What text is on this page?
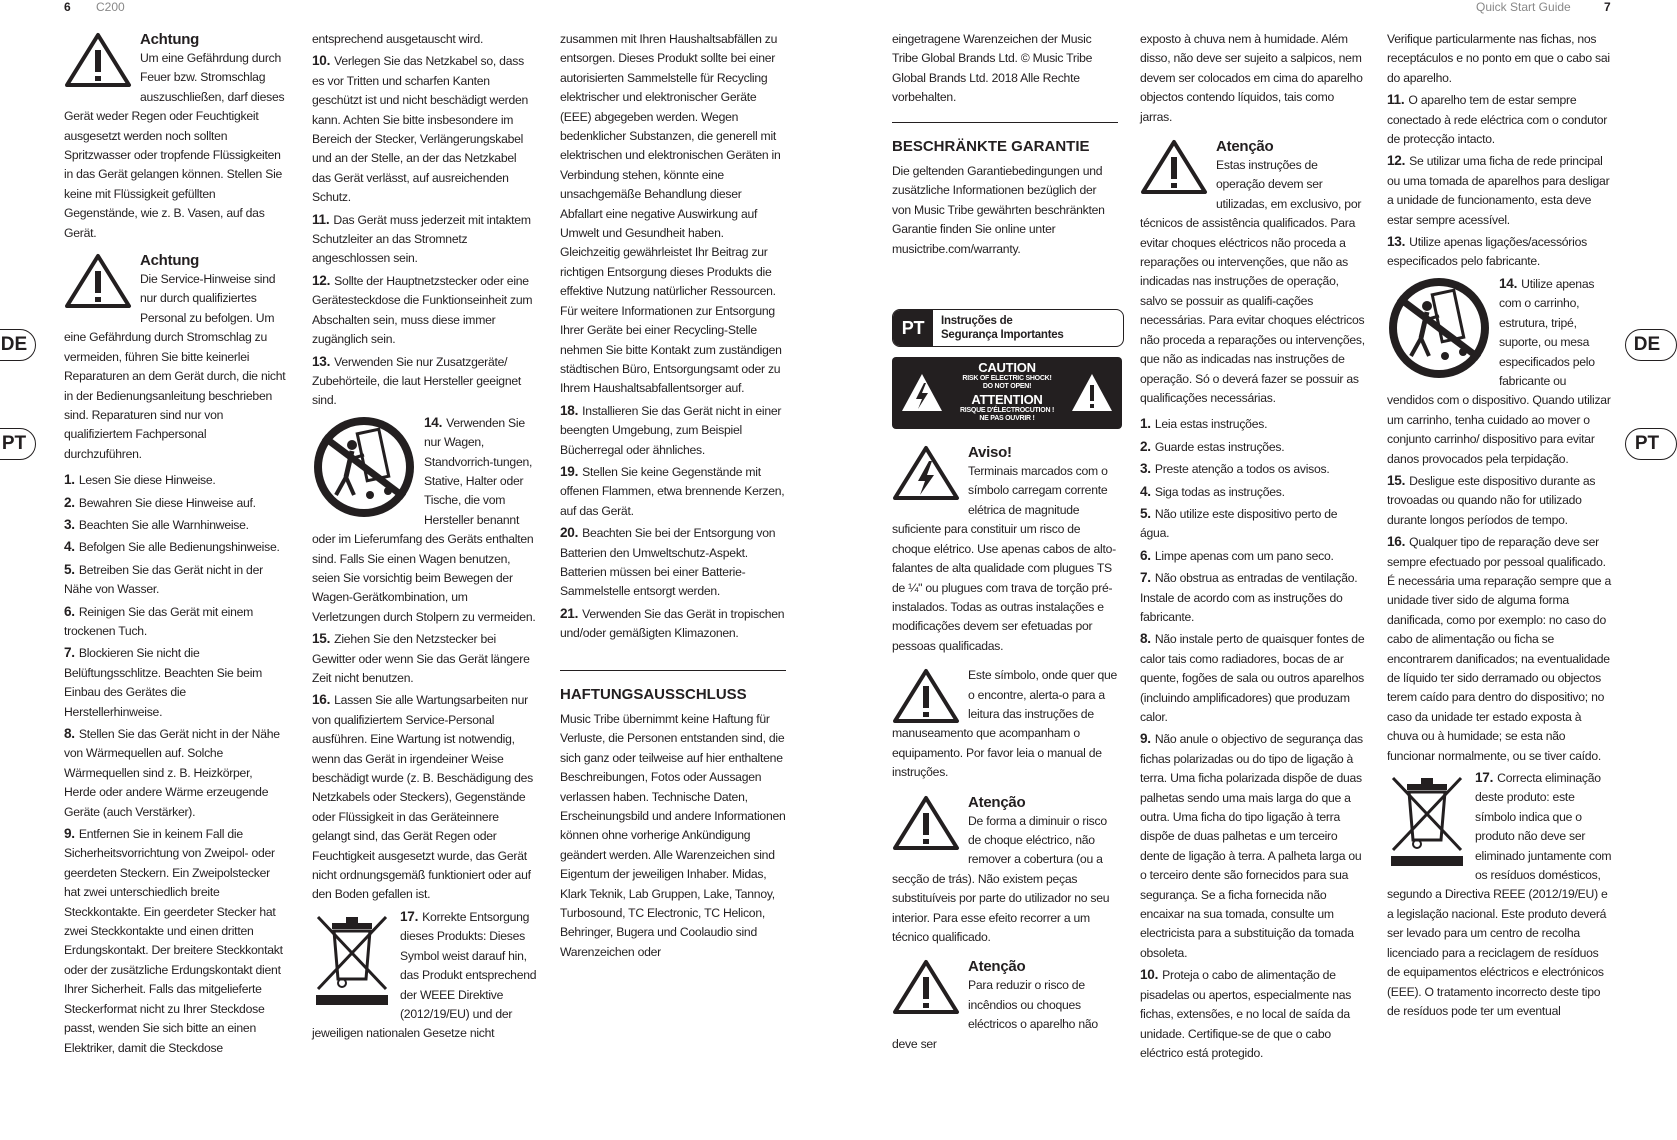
6 C200	Quick Start Guide	7
DE
PT
DE
PT
Achtung

Um eine Gefährdung durch Feuer bzw. Stromschlag auszuschließen, darf dieses Gerät weder Regen oder Feuchtigkeit ausgesetzt werden noch sollten Spritzwasser oder tropfende Flüssigkeiten in das Gerät gelangen können. Stellen Sie keine mit Flüssigkeit gefüllten Gegenstände, wie z. B. Vasen, auf das Gerät.

Achtung

Die Service-Hinweise sind nur durch qualifiziertes Personal zu befolgen. Um eine Gefährdung durch Stromschlag zu vermeiden, führen Sie bitte keinerlei Reparaturen an dem Gerät durch, die nicht in der Bedienungsanleitung beschrieben sind. Reparaturen sind nur von qualifiziertem Fachpersonal durchzuführen.

1. Lesen Sie diese Hinweise.

2. Bewahren Sie diese Hinweise auf.

3. Beachten Sie alle Warnhinweise.

4. Befolgen Sie alle Bedienungshinweise.

5. Betreiben Sie das Gerät nicht in der Nähe von Wasser.

6. Reinigen Sie das Gerät mit einem trockenen Tuch.

7. Blockieren Sie nicht die Belüftungsschlitze. Beachten Sie beim Einbau des Gerätes die Herstellerhinweise.

8. Stellen Sie das Gerät nicht in der Nähe von Wärmequellen auf. Solche Wärmequellen sind z. B. Heizkörper, Herde oder andere Wärme erzeugende Geräte (auch Verstärker).

9. Entfernen Sie in keinem Fall die Sicherheitsvorrichtung von Zweipol- oder geerdeten Steckern. Ein Zweipolstecker hat zwei unterschiedlich breite Steckkontakte. Ein geerdeter Stecker hat zwei Steckkontakte und einen dritten Erdungskontakt. Der breitere Steckkontakt oder der zusätzliche Erdungskontakt dient Ihrer Sicherheit. Falls das mitgelieferte Steckerformat nicht zu Ihrer Steckdose passt, wenden Sie sich bitte an einen Elektriker, damit die Steckdose

entsprechend ausgetauscht wird.

10. Verlegen Sie das Netzkabel so, dass es vor Tritten und scharfen Kanten geschützt ist und nicht beschädigt werden kann. Achten Sie bitte insbesondere im Bereich der Stecker, Verlängerungskabel und an der Stelle, an der das Netzkabel das Gerät verlässt, auf ausreichenden Schutz.

11. Das Gerät muss jederzeit mit intaktem Schutzleiter an das Stromnetz angeschlossen sein.

12. Sollte der Hauptnetzstecker oder eine Gerätesteckdose die Funktionseinheit zum Abschalten sein, muss diese immer zugänglich sein.

13. Verwenden Sie nur Zusatzgeräte/ Zubehörteile, die laut Hersteller geeignet sind.

14. Verwenden Sie nur Wagen, Standvorrich-tungen, Stative, Halter oder Tische, die vom Hersteller benannt oder im Lieferumfang des Geräts enthalten sind. Falls Sie einen Wagen benutzen, seien Sie vorsichtig beim Bewegen der Wagen-Gerätkombination, um Verletzungen durch Stolpern zu vermeiden.

15. Ziehen Sie den Netzstecker bei Gewitter oder wenn Sie das Gerät längere Zeit nicht benutzen.

16. Lassen Sie alle Wartungsarbeiten nur von qualifiziertem Service-Personal ausführen. Eine Wartung ist notwendig, wenn das Gerät in irgendeiner Weise beschädigt wurde (z. B. Beschädigung des Netzkabels oder Steckers), Gegenstände oder Flüssigkeit in das Geräteinnere gelangt sind, das Gerät Regen oder Feuchtigkeit ausgesetzt wurde, das Gerät nicht ordnungsgemäß funktioniert oder auf den Boden gefallen ist.

17. Korrekte Entsorgung dieses Produkts: Dieses Symbol weist darauf hin, das Produkt entsprechend der WEEE Direktive (2012/19/EU) und der jeweiligen nationalen Gesetze nicht

zusammen mit Ihren Haushaltsabfällen zu entsorgen. Dieses Produkt sollte bei einer autorisierten Sammelstelle für Recycling elektrischer und elektronischer Geräte (EEE) abgegeben werden. Wegen bedenklicher Substanzen, die generell mit elektrischen und elektronischen Geräten in Verbindung stehen, könnte eine unsachgemäße Behandlung dieser Abfallart eine negative Auswirkung auf Umwelt und Gesundheit haben. Gleichzeitig gewährleistet Ihr Beitrag zur richtigen Entsorgung dieses Produkts die effektive Nutzung natürlicher Ressourcen. Für weitere Informationen zur Entsorgung Ihrer Geräte bei einer Recycling-Stelle nehmen Sie bitte Kontakt zum zuständigen städtischen Büro, Entsorgungsamt oder zu Ihrem Haushaltsabfallentsorger auf.

18. Installieren Sie das Gerät nicht in einer beengten Umgebung, zum Beispiel Bücherregal oder ähnliches.

19. Stellen Sie keine Gegenstände mit offenen Flammen, etwa brennende Kerzen, auf das Gerät.

20. Beachten Sie bei der Entsorgung von Batterien den Umweltschutz-Aspekt. Batterien müssen bei einer Batterie-Sammelstelle entsorgt werden.

21. Verwenden Sie das Gerät in tropischen und/oder gemäßigten Klimazonen.

HAFTUNGSAUSSCHLUSS

Music Tribe übernimmt keine Haftung für Verluste, die Personen entstanden sind, die sich ganz oder teilweise auf hier enthaltene Beschreibungen, Fotos oder Aussagen verlassen haben. Technische Daten, Erscheinungsbild und andere Informationen können ohne vorherige Ankündigung geändert werden. Alle Warenzeichen sind Eigentum der jeweiligen Inhaber. Midas, Klark Teknik, Lab Gruppen, Lake, Tannoy, Turbosound, TC Electronic, TC Helicon, Behringer, Bugera und Coolaudio sind Warenzeichen oder

eingetragene Warenzeichen der Music Tribe Global Brands Ltd. © Music Tribe Global Brands Ltd. 2018 Alle Rechte vorbehalten.

BESCHRÄNKTE GARANTIE

Die geltenden Garantiebedingungen und zusätzliche Informationen bezüglich der von Music Tribe gewährten beschränkten Garantie finden Sie online unter musictribe.com/warranty.

PT	Instruções de
Segurança Importantes
CAUTION
RISK OF ELECTRIC SHOCK!
DO NOT OPEN!
ATTENTION
RISQUE D'ÉLECTROCUTION !
NE PAS OUVRIR !
Aviso!

Terminais marcados com o símbolo carregam corrente elétrica de magnitude suficiente para constituir um risco de choque elétrico. Use apenas cabos de alto-falantes de alta qualidade com plugues TS de ¼" ou plugues com trava de torção pré-instalados. Todas as outras instalações e modificações devem ser efetuadas por pessoas qualificadas.

Este símbolo, onde quer que o encontre, alerta-o para a leitura das instruções de manuseamento que acompanham o equipamento. Por favor leia o manual de instruções.

Atenção

De forma a diminuir o risco de choque eléctrico, não remover a cobertura (ou a secção de trás). Não existem peças substituíveis por parte do utilizador no seu interior. Para esse efeito recorrer a um técnico qualificado.

Atenção

Para reduzir o risco de incêndios ou choques eléctricos o aparelho não deve ser

exposto à chuva nem à humidade. Além disso, não deve ser sujeito a salpicos, nem devem ser colocados em cima do aparelho objectos contendo líquidos, tais como jarras.

Atenção

Estas instruções de operação devem ser utilizadas, em exclusivo, por técnicos de assistência qualificados. Para evitar choques eléctricos não proceda a reparações ou intervenções, que não as indicadas nas instruções de operação, salvo se possuir as qualifi-cações necessárias. Para evitar choques eléctricos não proceda a reparações ou intervenções, que não as indicadas nas instruções de operação. Só o deverá fazer se possuir as qualificações necessárias.

1. Leia estas instruções.

2. Guarde estas instruções.

3. Preste atenção a todos os avisos.

4. Siga todas as instruções.

5. Não utilize este dispositivo perto de água.

6. Limpe apenas com um pano seco.

7. Não obstrua as entradas de ventilação. Instale de acordo com as instruções do fabricante.

8. Não instale perto de quaisquer fontes de calor tais como radiadores, bocas de ar quente, fogões de sala ou outros aparelhos (incluindo amplificadores) que produzam calor.

9. Não anule o objectivo de segurança das fichas polarizadas ou do tipo de ligação à terra. Uma ficha polarizada dispõe de duas palhetas sendo uma mais larga do que a outra. Uma ficha do tipo ligação à terra dispõe de duas palhetas e um terceiro dente de ligação à terra. A palheta larga ou o terceiro dente são fornecidos para sua segurança. Se a ficha fornecida não encaixar na sua tomada, consulte um electricista para a substituição da tomada obsoleta.

10. Proteja o cabo de alimentação de pisadelas ou apertos, especialmente nas fichas, extensões, e no local de saída da unidade. Certifique-se de que o cabo eléctrico está protegido.

Verifique particularmente nas fichas, nos receptáculos e no ponto em que o cabo sai do aparelho.

11. O aparelho tem de estar sempre conectado à rede eléctrica com o condutor de protecção intacto.

12. Se utilizar uma ficha de rede principal ou uma tomada de aparelhos para desligar a unidade de funcionamento, esta deve estar sempre acessível.

13. Utilize apenas ligações/acessórios especificados pelo fabricante.

14. Utilize apenas com o carrinho, estrutura, tripé, suporte, ou mesa especificados pelo fabricante ou vendidos com o dispositivo. Quando utilizar um carrinho, tenha cuidado ao mover o conjunto carrinho/ dispositivo para evitar danos provocados pela terpidação.

15. Desligue este dispositivo durante as trovoadas ou quando não for utilizado durante longos períodos de tempo.

16. Qualquer tipo de reparação deve ser sempre efectuado por pessoal qualificado. É necessária uma reparação sempre que a unidade tiver sido de alguma forma danificada, como por exemplo: no caso do cabo de alimentação ou ficha se encontrarem danificados; na eventualidade de líquido ter sido derramado ou objectos terem caído para dentro do dispositivo; no caso da unidade ter estado exposta à chuva ou à humidade; se esta não funcionar normalmente, ou se tiver caído.

17. Correcta eliminação deste produto: este símbolo indica que o produto não deve ser eliminado juntamente com os resíduos domésticos, segundo a Directiva REEE (2012/19/EU) e a legislação nacional. Este produto deverá ser levado para um centro de recolha licenciado para a reciclagem de resíduos de equipamentos eléctricos e electrónicos (EEE). O tratamento incorrecto deste tipo de resíduos pode ter um eventual
